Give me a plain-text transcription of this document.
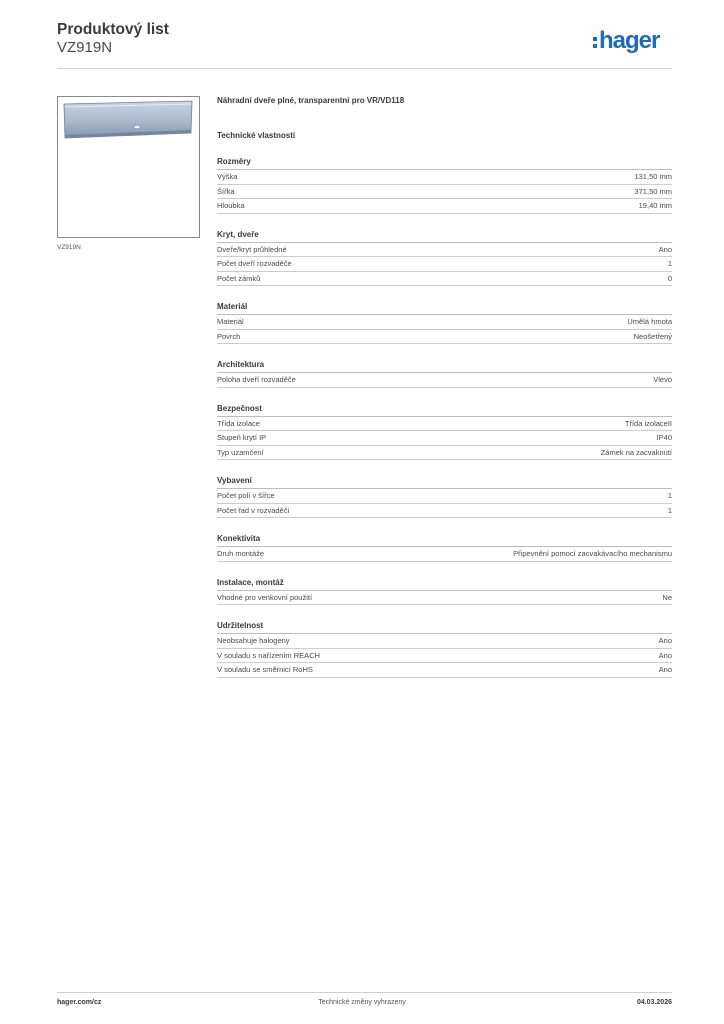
Produktový list
VZ919N	hager
VZ919N
Náhradní dveře plné, transparentní pro VR/VD118
Technické vlastnosti
Rozměry
Výška	131,50 mm
Šířka	371,50 mm
Hloubka	19,40 mm
Kryt, dveře
Dveře/kryt průhledné	Ano
Počet dveří rozvaděče	1
Počet zámků	0
Materiál
Materiál	Umělá hmota
Povrch	Neošetřený
Architektura
Poloha dveří rozvaděče	Vlevo
Bezpečnost
Třída izolace	Třída izolaceII
Stupeň krytí IP	IP40
Typ uzamčení	Zámek na zacvaknutí
Vybavení
Počet polí v šířce	1
Počet řad v rozvaděči	1
Konektivita
Druh montáže	Připevnění pomocí zacvakávacího mechanismu
Instalace, montáž
Vhodné pro venkovní použití	Ne
Udržitelnost
Neobsahuje halogeny	Ano
V souladu s nařízením REACH	Ano
V souladu se směrnicí RoHS	Ano
hager.com/cz	Technické změny vyhrazeny	04.03.2026
